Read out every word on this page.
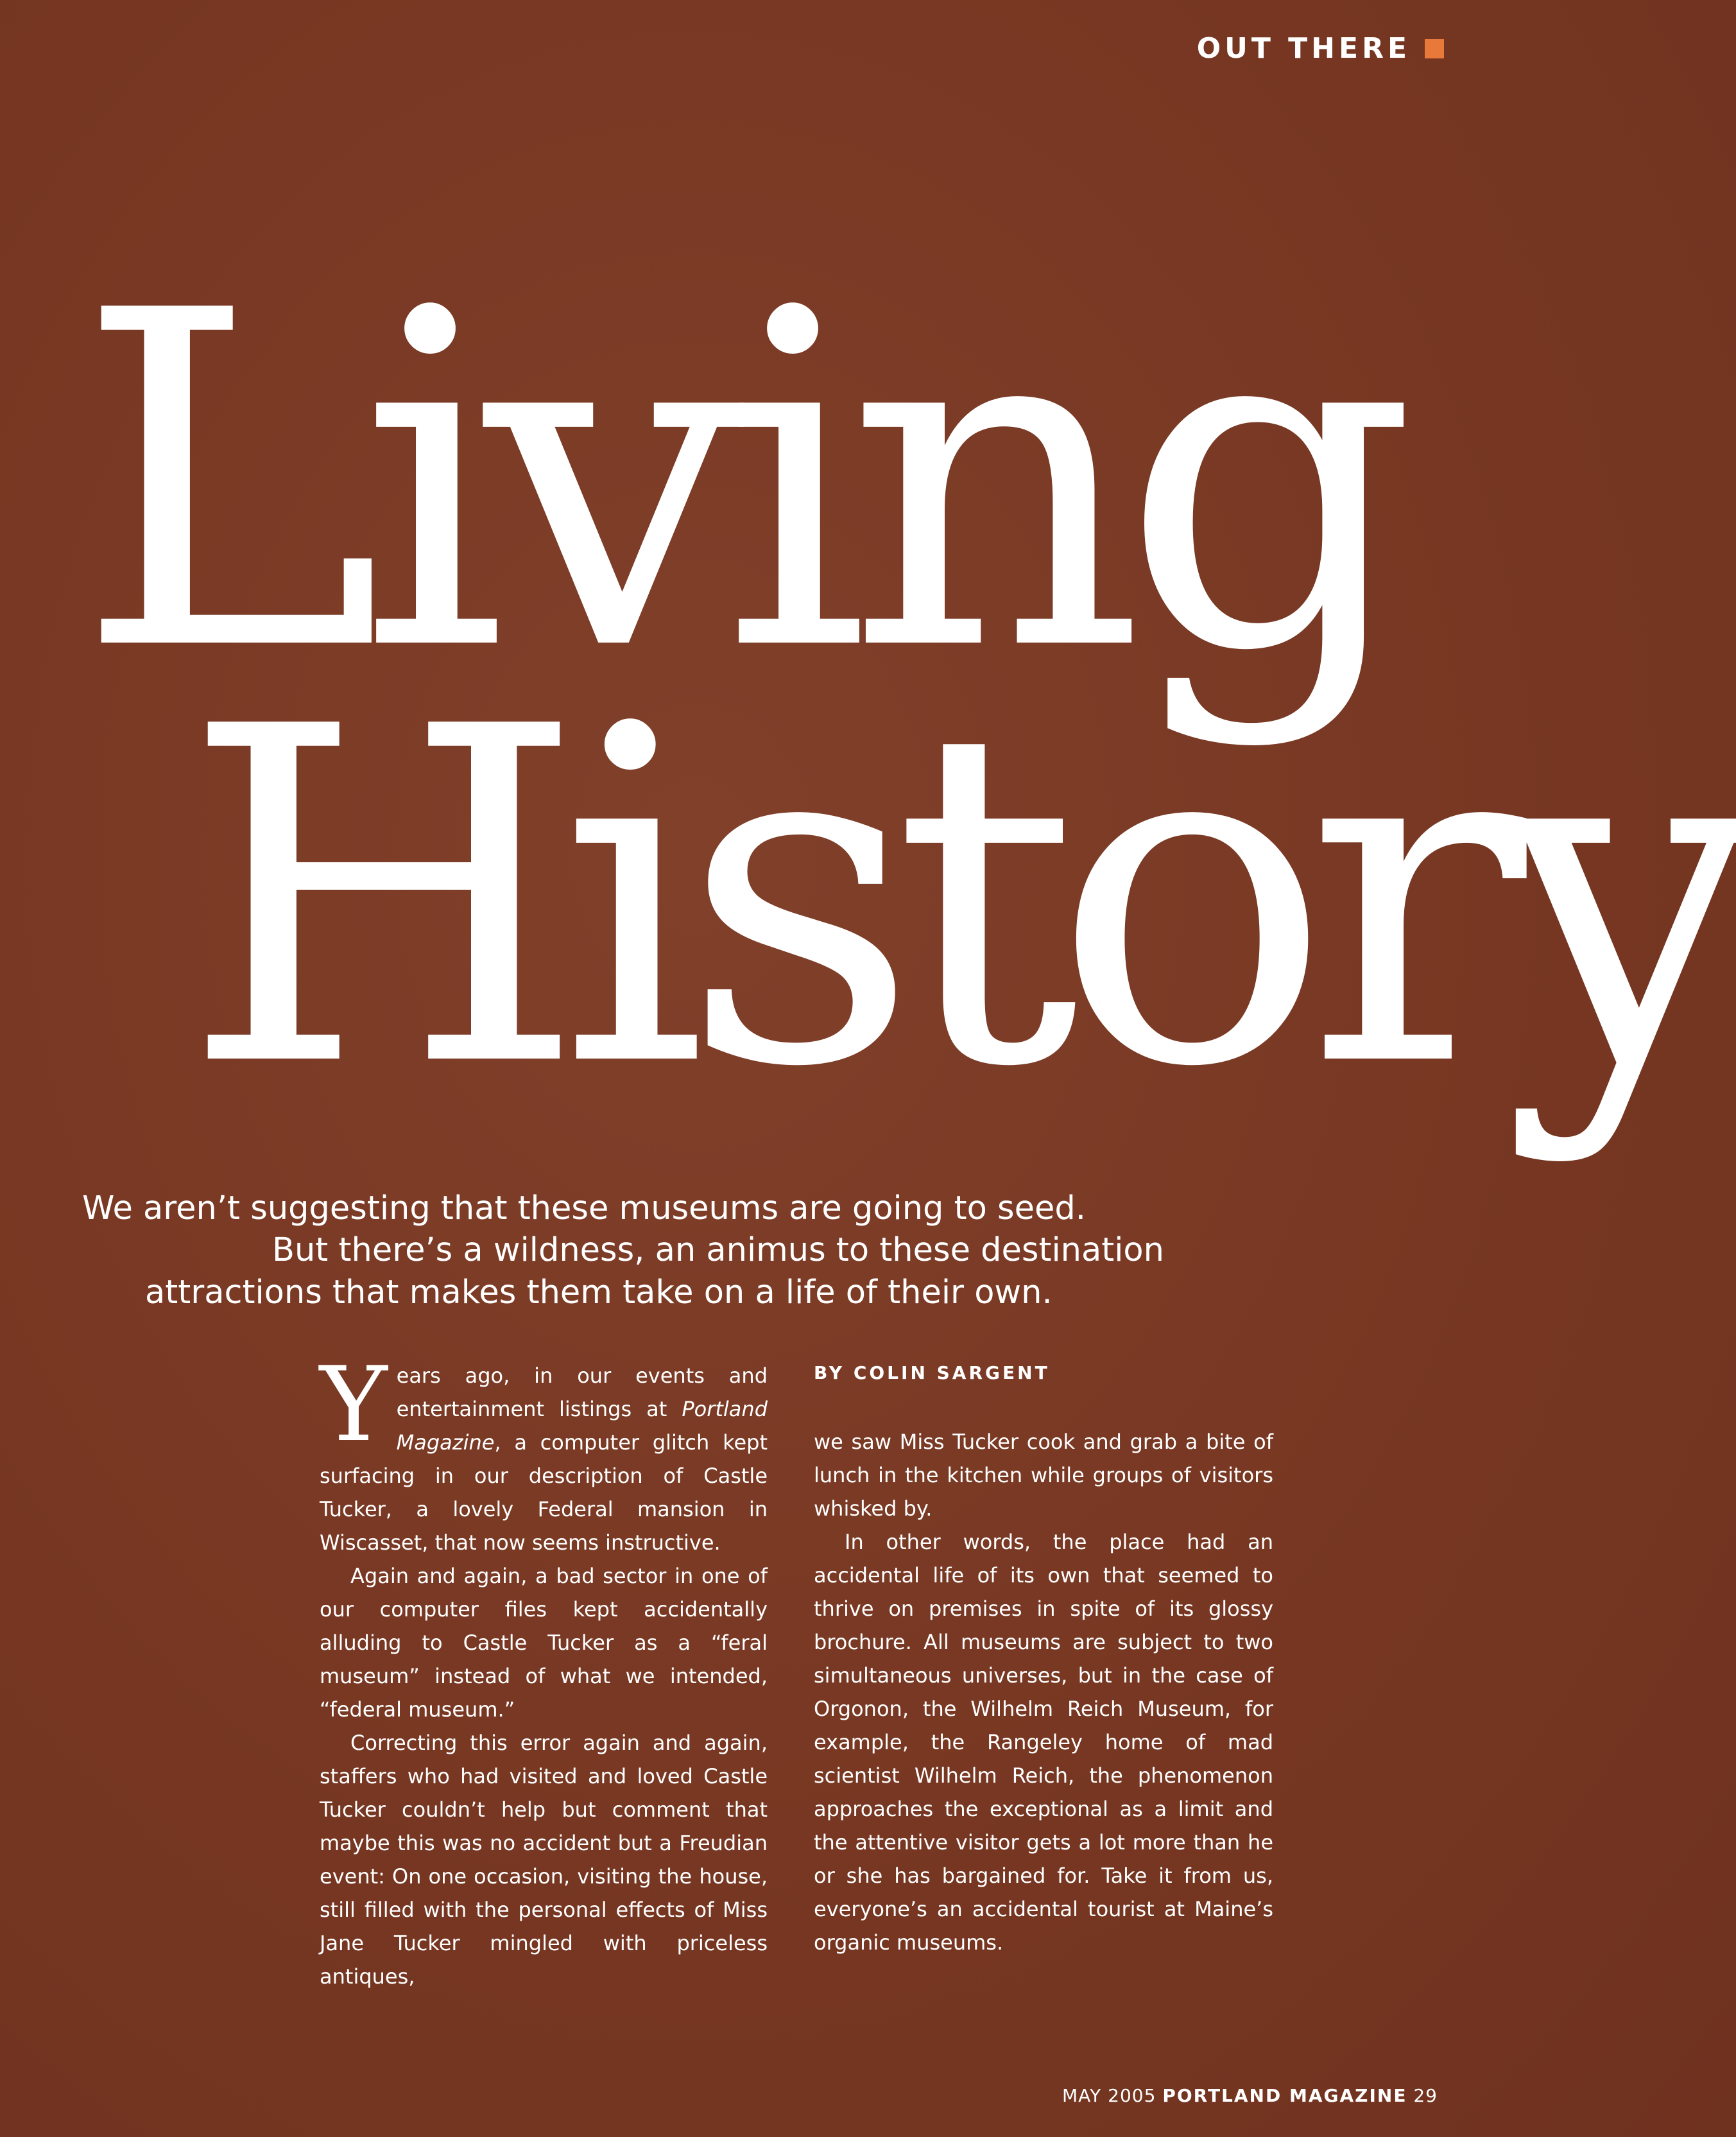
OUT THERE
Living
History
We aren’t suggesting that these museums are going to seed.
But there’s a wildness, an animus to these destination
attractions that makes them take on a life of their own.

Years ago, in our events and entertainment listings at Portland Magazine, a computer glitch kept surfacing in our description of Castle Tucker, a lovely Federal mansion in Wiscasset, that now seems instructive.

Again and again, a bad sector in one of our computer files kept accidentally alluding to Castle Tucker as a “feral museum” instead of what we intended, “federal museum.”

Correcting this error again and again, staffers who had visited and loved Castle Tucker couldn’t help but comment that maybe this was no accident but a Freudian event: On one occasion, visiting the house, still filled with the personal effects of Miss Jane Tucker mingled with priceless antiques,

BY COLIN SARGENT

we saw Miss Tucker cook and grab a bite of lunch in the kitchen while groups of visitors whisked by.

In other words, the place had an accidental life of its own that seemed to thrive on premises in spite of its glossy brochure. All museums are subject to two simultaneous universes, but in the case of Orgonon, the Wilhelm Reich Museum, for example, the Rangeley home of mad scientist Wilhelm Reich, the phenomenon approaches the exceptional as a limit and the attentive visitor gets a lot more than he or she has bargained for. Take it from us, everyone’s an accidental tourist at Maine’s organic museums.

MAY 2005 PORTLAND MAGAZINE 29
